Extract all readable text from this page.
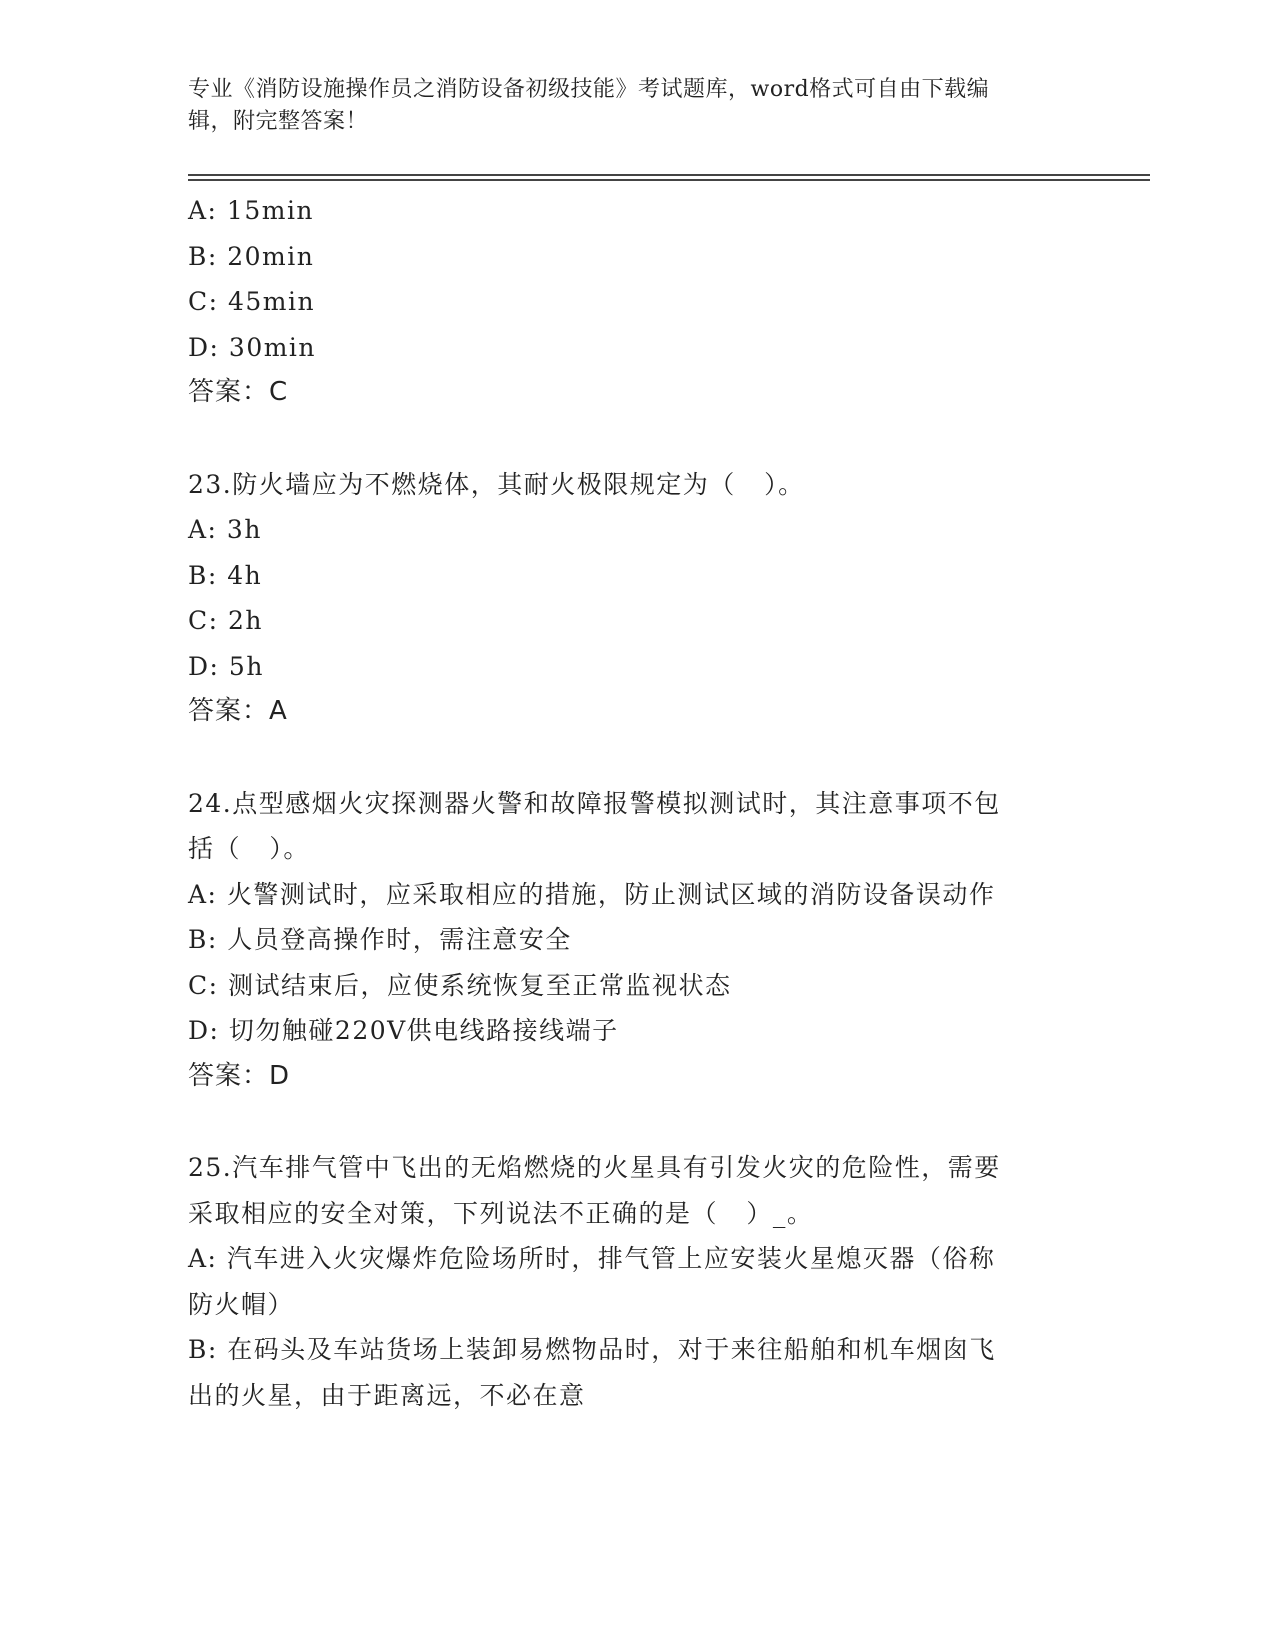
专业《消防设施操作员之消防设备初级技能》考试题库，word格式可自由下载编
辑，附完整答案！
A: 15min
B: 20min
C: 45min
D: 30min
答案：C
23.防火墙应为不燃烧体，其耐火极限规定为（   ）。
A: 3h
B: 4h
C: 2h
D: 5h
答案：A
24.点型感烟火灾探测器火警和故障报警模拟测试时，其注意事项不包
括（   ）。
A: 火警测试时，应采取相应的措施，防止测试区域的消防设备误动作
B: 人员登高操作时，需注意安全
C: 测试结束后，应使系统恢复至正常监视状态
D: 切勿触碰220V供电线路接线端子
答案：D
25.汽车排气管中飞出的无焰燃烧的火星具有引发火灾的危险性，需要
采取相应的安全对策，下列说法不正确的是（   ）_。
A: 汽车进入火灾爆炸危险场所时，排气管上应安装火星熄灭器（俗称
防火帽）
B: 在码头及车站货场上装卸易燃物品时，对于来往船舶和机车烟囱飞
出的火星，由于距离远，不必在意
